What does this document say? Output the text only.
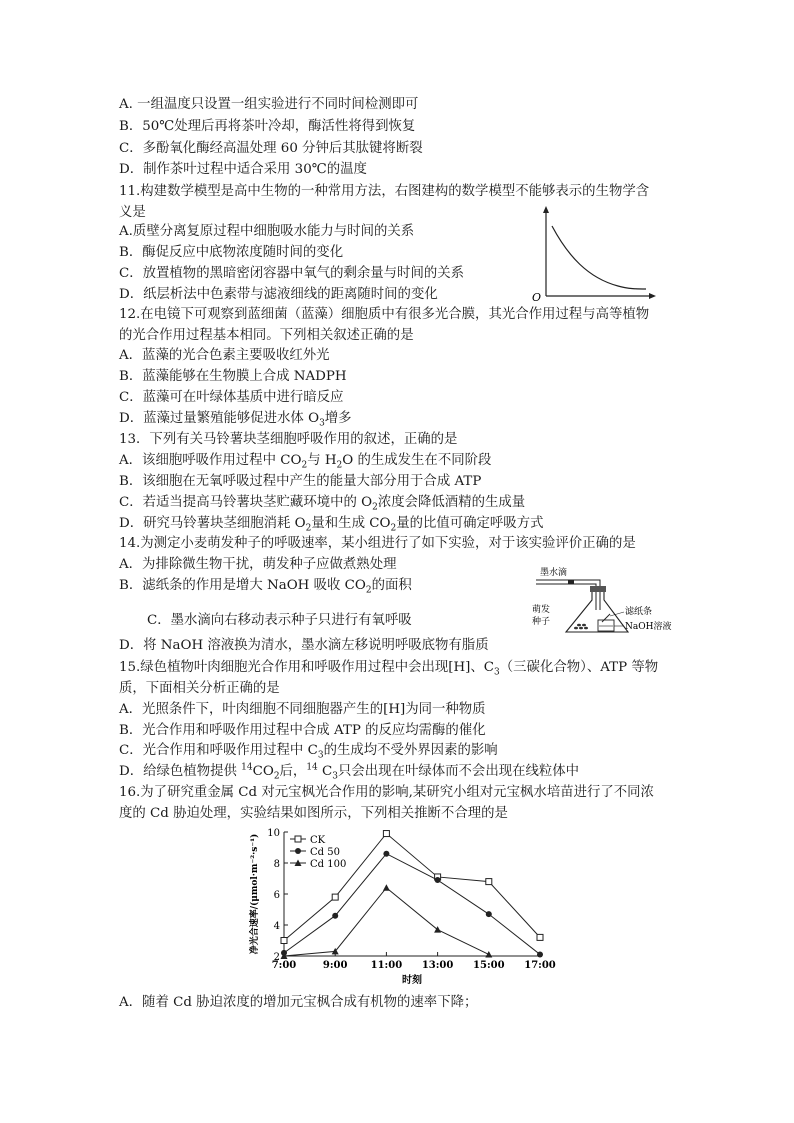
A. 一组温度只设置一组实验进行不同时间检测即可
B．50℃处理后再将茶叶冷却，酶活性将得到恢复
C．多酚氧化酶经高温处理 60 分钟后其肽键将断裂
D．制作茶叶过程中适合采用 30℃的温度
11.构建数学模型是高中生物的一种常用方法，右图建构的数学模型不能够表示的生物学含
义是
A.质壁分离复原过程中细胞吸水能力与时间的关系
B．酶促反应中底物浓度随时间的变化
C．放置植物的黑暗密闭容器中氧气的剩余量与时间的关系
D．纸层析法中色素带与滤液细线的距离随时间的变化	O
12.在电镜下可观察到蓝细菌（蓝藻）细胞质中有很多光合膜，其光合作用过程与高等植物
的光合作用过程基本相同。下列相关叙述正确的是
A．蓝藻的光合色素主要吸收红外光
B．蓝藻能够在生物膜上合成 NADPH
C．蓝藻可在叶绿体基质中进行暗反应
D．蓝藻过量繁殖能够促进水体 $O_3$增多
13．下列有关马铃薯块茎细胞呼吸作用的叙述，正确的是
A．该细胞呼吸作用过程中 $CO_2$与 $H_2O$ 的生成发生在不同阶段
B．该细胞在无氧呼吸过程中产生的能量大部分用于合成 ATP
C．若适当提高马铃薯块茎贮藏环境中的 $O_2$浓度会降低酒精的生成量
D．研究马铃薯块茎细胞消耗 $O_2$量和生成 $CO_2$量的比值可确定呼吸方式
14.为测定小麦萌发种子的呼吸速率，某小组进行了如下实验，对于该实验评价正确的是
A．为排除微生物干扰，萌发种子应做煮熟处理
B．滤纸条的作用是增大 NaOH 吸收 $CO_2$的面积
C．墨水滴向右移动表示种子只进行有氧呼吸
D．将 NaOH 溶液换为清水，墨水滴左移说明呼吸底物有脂质
墨水滴
萌发
种子
滤纸条
NaOH溶液
15.绿色植物叶肉细胞光合作用和呼吸作用过程中会出现[H]、$C_3$（三碳化合物）、ATP 等物
质，下面相关分析正确的是
A．光照条件下，叶肉细胞不同细胞器产生的[H]为同一种物质
B．光合作用和呼吸作用过程中合成 ATP 的反应均需酶的催化
C．光合作用和呼吸作用过程中 $C_3$的生成均不受外界因素的影响
D．给绿色植物提供 $^{14}CO_2$后，$^{14}$ $C_3$只会出现在叶绿体而不会出现在线粒体中
16.为了研究重金属 Cd 对元宝枫光合作用的影响,某研究小组对元宝枫水培苗进行了不同浓
度的 Cd 胁迫处理，实验结果如图所示，下列相关推断不合理的是
2
4
6
8
10
7:00	9:00 11:00 13:00 15:00 17:00
时刻
净光合速率/(μmol·m⁻²·s⁻¹)	CK
Cd 50
Cd 100
A．随着 Cd 胁迫浓度的增加元宝枫合成有机物的速率下降；
